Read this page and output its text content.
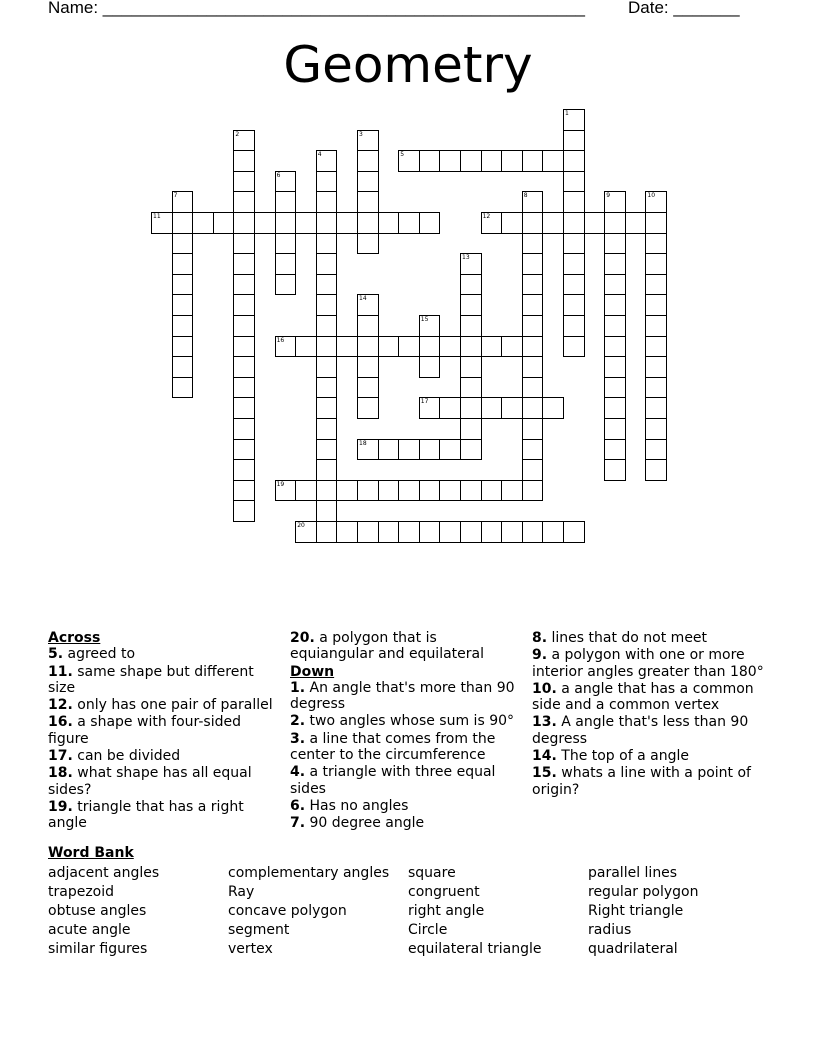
Name: ___________________________________________________	Date: _______
Geometry
1
2	3
4	5
6
7	8	9	10
11	12
13
14
15
16
17
18
19
20
Across
5. agreed to
11. same shape but different size
12. only has one pair of parallel
16. a shape with four-sided figure
17. can be divided
18. what shape has all equal sides?
19. triangle that has a right angle
20. a polygon that is equiangular and equilateral
Down
1. An angle that's more than 90 degress
2. two angles whose sum is 90°
3. a line that comes from the center to the circumference
4. a triangle with three equal sides
6. Has no angles
7. 90 degree angle
8. lines that do not meet
9. a polygon with one or more interior angles greater than 180°
10. a angle that has a common side and a common vertex
13. A angle that's less than 90 degress
14. The top of a angle
15. whats a line with a point of origin?
Word Bank
adjacent angles
trapezoid
obtuse angles
acute angle
similar figures
complementary angles
Ray
concave polygon
segment
vertex
square
congruent
right angle
Circle
equilateral triangle
parallel lines
regular polygon
Right triangle
radius
quadrilateral
